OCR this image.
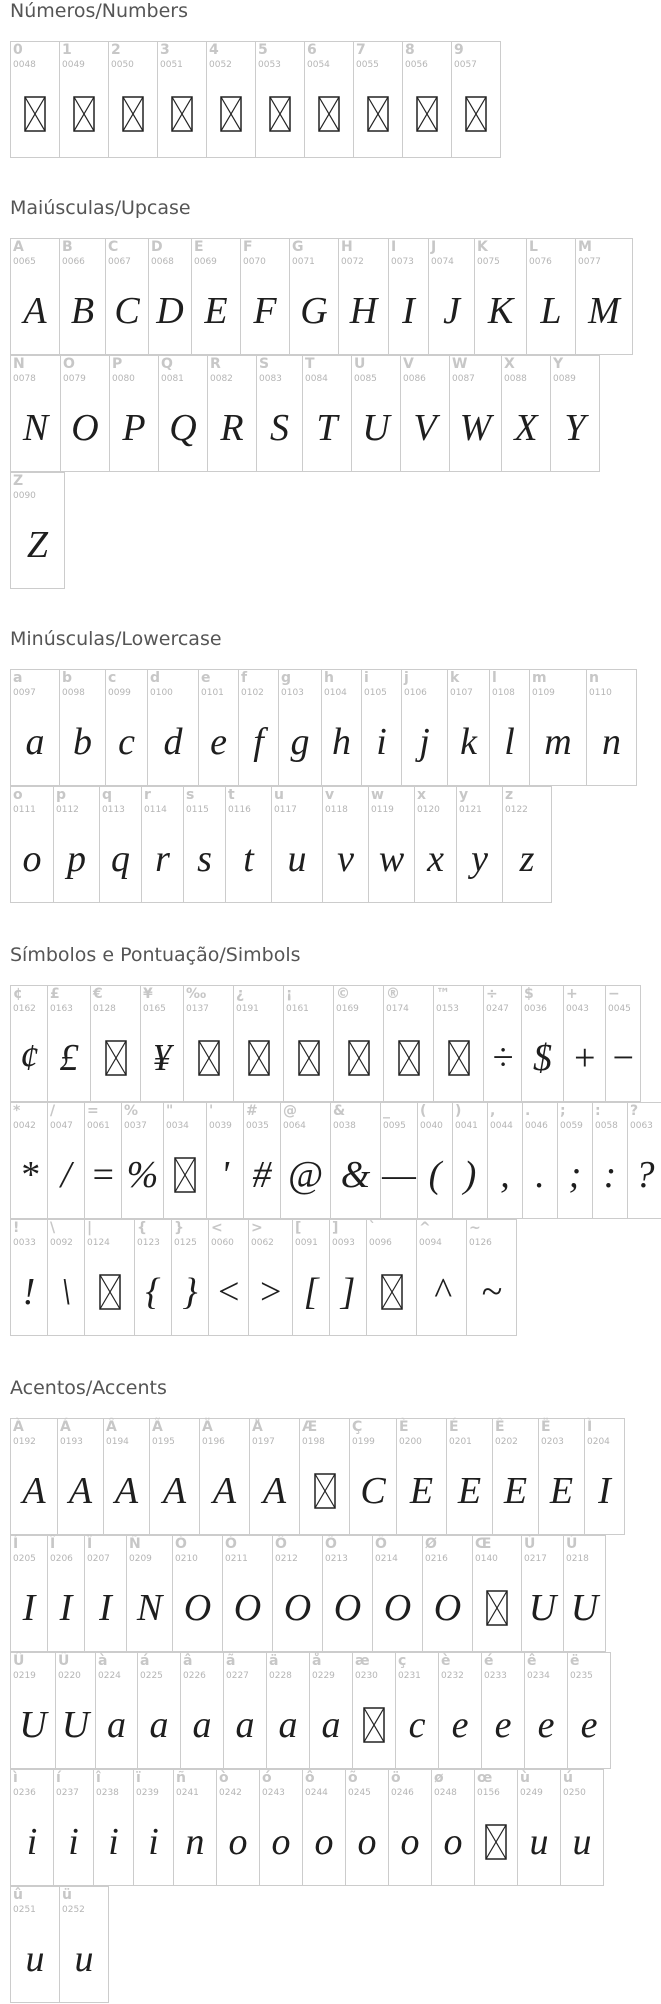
Números/Numbers
0
0048
1
0049
2
0050
3
0051
4
0052
5
0053
6
0054
7
0055
8
0056
9
0057
Maiúsculas/Upcase
A
0065
A
B
0066
B
C
0067
C
D
0068
D
E
0069
E
F
0070
F
G
0071
G
H
0072
H
I
0073
I
J
0074
J
K
0075
K
L
0076
L
M
0077
M
N
0078
N
O
0079
O
P
0080
P
Q
0081
Q
R
0082
R
S
0083
S
T
0084
T
U
0085
U
V
0086
V
W
0087
W
X
0088
X
Y
0089
Y
Z
0090
Z
Minúsculas/Lowercase
a
0097
a
b
0098
b
c
0099
c
d
0100
d
e
0101
e
f
0102
f
g
0103
g
h
0104
h
i
0105
i
j
0106
j
k
0107
k
l
0108
l
m
0109
m
n
0110
n
o
0111
o
p
0112
p
q
0113
q
r
0114
r
s
0115
s
t
0116
t
u
0117
u
v
0118
v
w
0119
w
x
0120
x
y
0121
y
z
0122
z
Símbolos e Pontuação/Simbols
¢
0162
¢
£
0163
£
€
0128
¥
0165
¥
‰
0137
¿
0191
¡
0161
©
0169
®
0174
™
0153
÷
0247
÷
$
0036
$
+
0043
+
−
0045
−
*
0042
*
/
0047
/
=
0061
=
%
0037
%
"
0034
'
0039
'
#
0035
#
@
0064
@
&
0038
&
_
0095
—
(
0040
(
)
0041
)
,
0044
,
.
0046
.
;
0059
;
:
0058
:
?
0063
?
!
0033
!
\
0092
\
|
0124
{
0123
{
}
0125
}
<
0060
<
>
0062
>
[
0091
[
]
0093
]
`
0096
^
0094
^
~
0126
~
Acentos/Accents
À
0192
A
Á
0193
A
Â
0194
A
Ã
0195
A
Ä
0196
A
Å
0197
A
Æ
0198
Ç
0199
C
È
0200
E
É
0201
E
Ê
0202
E
Ë
0203
E
Ì
0204
I
Í
0205
I
Î
0206
I
Ï
0207
I
Ñ
0209
N
Ò
0210
O
Ó
0211
O
Ô
0212
O
Õ
0213
O
Ö
0214
O
Ø
0216
O
Œ
0140
Ù
0217
U
Ú
0218
U
Û
0219
U
Ü
0220
U
à
0224
a
á
0225
a
â
0226
a
ã
0227
a
ä
0228
a
å
0229
a
æ
0230
ç
0231
c
è
0232
e
é
0233
e
ê
0234
e
ë
0235
e
ì
0236
i
í
0237
i
î
0238
i
ï
0239
i
ñ
0241
n
ò
0242
o
ó
0243
o
ô
0244
o
õ
0245
o
ö
0246
o
ø
0248
o
œ
0156
ù
0249
u
ú
0250
u
û
0251
u
ü
0252
u
